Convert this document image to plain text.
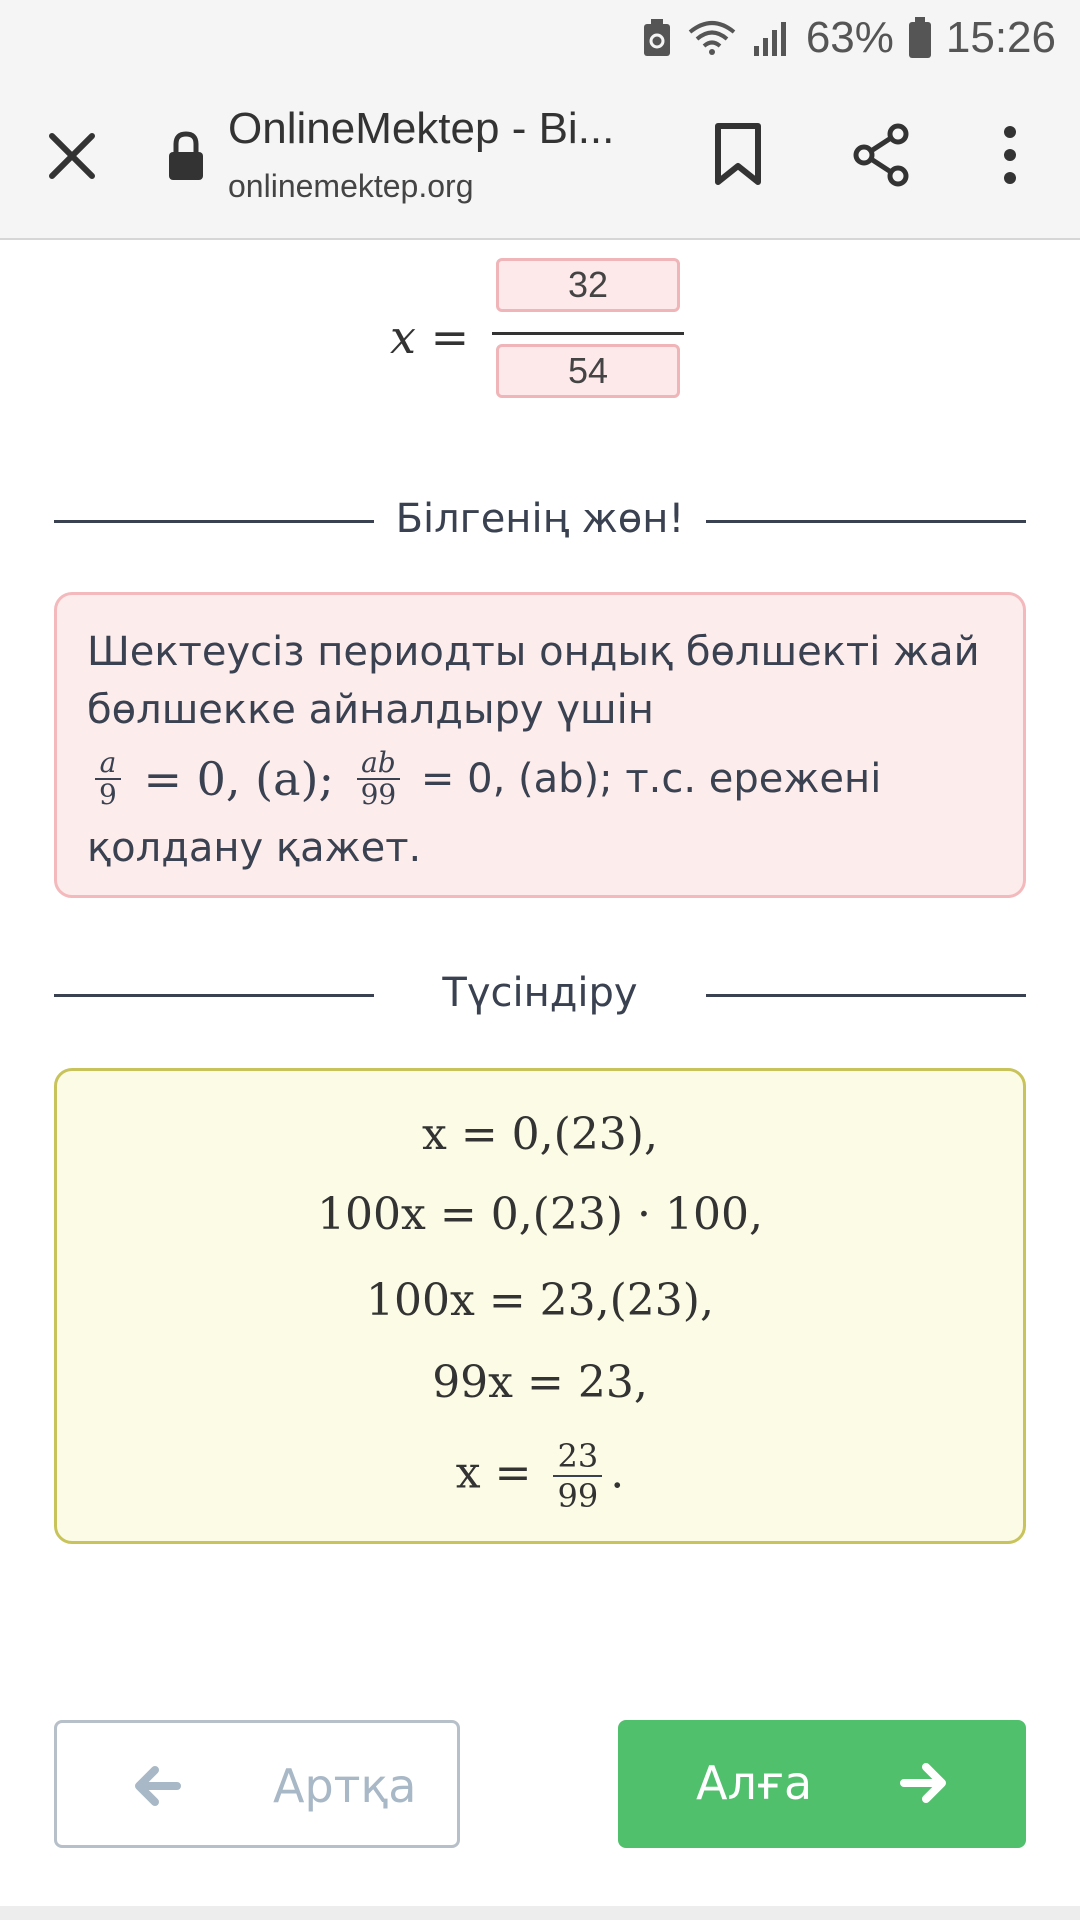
63% 15:26
OnlineMektep - Bi...
onlinemektep.org
x =
32
54
Білгенің жөн!
Шектеусіз периодты ондық бөлшекті жай бөлшекке айналдыру үшін
$\frac{a}{9} = 0$, (a); $\frac{ab}{99} = 0$, (ab); т.с. ережені
қолдану қажет.
Түсіндіру
x = 0,(23),
100x = 0,(23) · 100,
100x = 23,(23),
99x = 23,
$x = \frac{23}{99}$ .
Артқа	Алға
